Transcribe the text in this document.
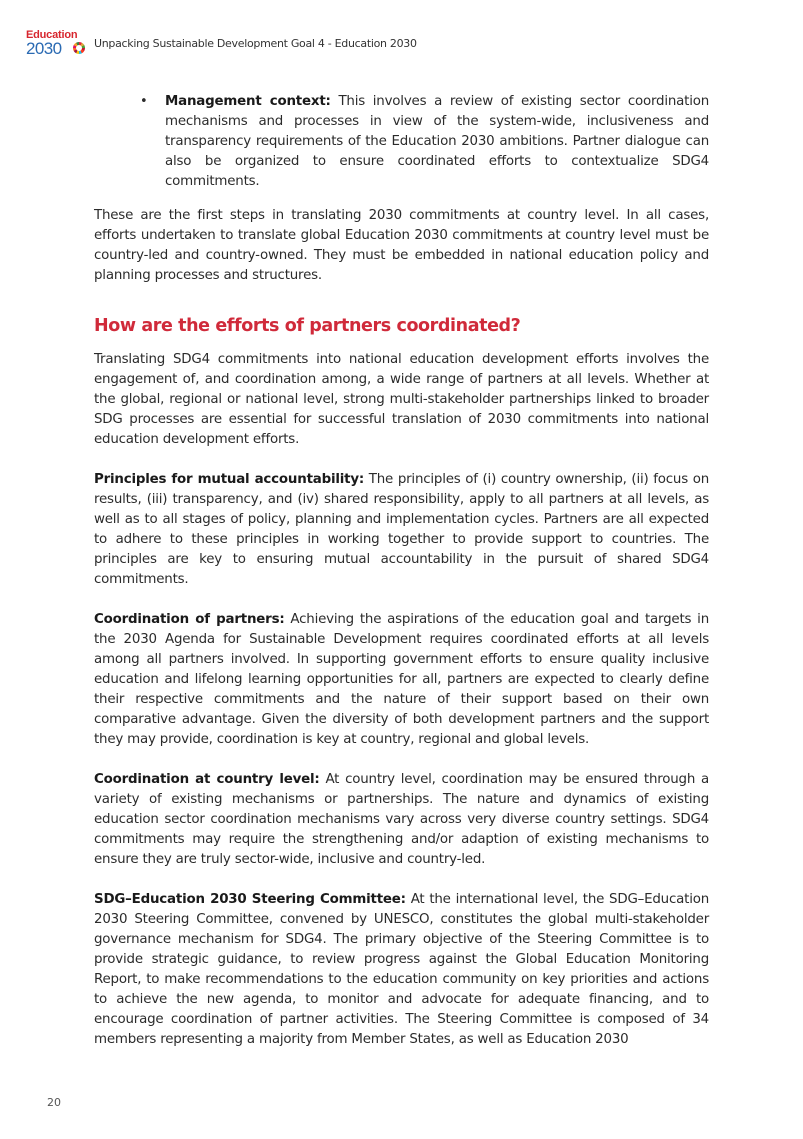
Education
2030	Unpacking Sustainable Development Goal 4 - Education 2030
• Management context: This involves a review of existing sector coordination mechanisms and processes in view of the system-wide, inclusiveness and transparency requirements of the Education 2030 ambitions. Partner dialogue can also be organized to ensure coordinated efforts to contextualize SDG4 commitments.

These are the first steps in translating 2030 commitments at country level. In all cases, efforts undertaken to translate global Education 2030 commitments at country level must be country-led and country-owned. They must be embedded in national education policy and planning processes and structures.

How are the efforts of partners coordinated?

Translating SDG4 commitments into national education development efforts involves the engagement of, and coordination among, a wide range of partners at all levels. Whether at the global, regional or national level, strong multi-stakeholder partnerships linked to broader SDG processes are essential for successful translation of 2030 commitments into national education development efforts.

Principles for mutual accountability: The principles of (i) country ownership, (ii) focus on results, (iii) transparency, and (iv) shared responsibility, apply to all partners at all levels, as well as to all stages of policy, planning and implementation cycles. Partners are all expected to adhere to these principles in working together to provide support to countries. The principles are key to ensuring mutual accountability in the pursuit of shared SDG4 commitments.

Coordination of partners: Achieving the aspirations of the education goal and targets in the 2030 Agenda for Sustainable Development requires coordinated efforts at all levels among all partners involved. In supporting government efforts to ensure quality inclusive education and lifelong learning opportunities for all, partners are expected to clearly define their respective commitments and the nature of their support based on their own comparative advantage. Given the diversity of both development partners and the support they may provide, coordination is key at country, regional and global levels.

Coordination at country level: At country level, coordination may be ensured through a variety of existing mechanisms or partnerships. The nature and dynamics of existing education sector coordination mechanisms vary across very diverse country settings. SDG4 commitments may require the strengthening and/or adaption of existing mechanisms to ensure they are truly sector-wide, inclusive and country-led.

SDG–Education 2030 Steering Committee: At the international level, the SDG–Education 2030 Steering Committee, convened by UNESCO, constitutes the global multi-stakeholder governance mechanism for SDG4. The primary objective of the Steering Committee is to provide strategic guidance, to review progress against the Global Education Monitoring Report, to make recommendations to the education community on key priorities and actions to achieve the new agenda, to monitor and advocate for adequate financing, and to encourage coordination of partner activities. The Steering Committee is composed of 34 members representing a majority from Member States, as well as Education 2030

20
